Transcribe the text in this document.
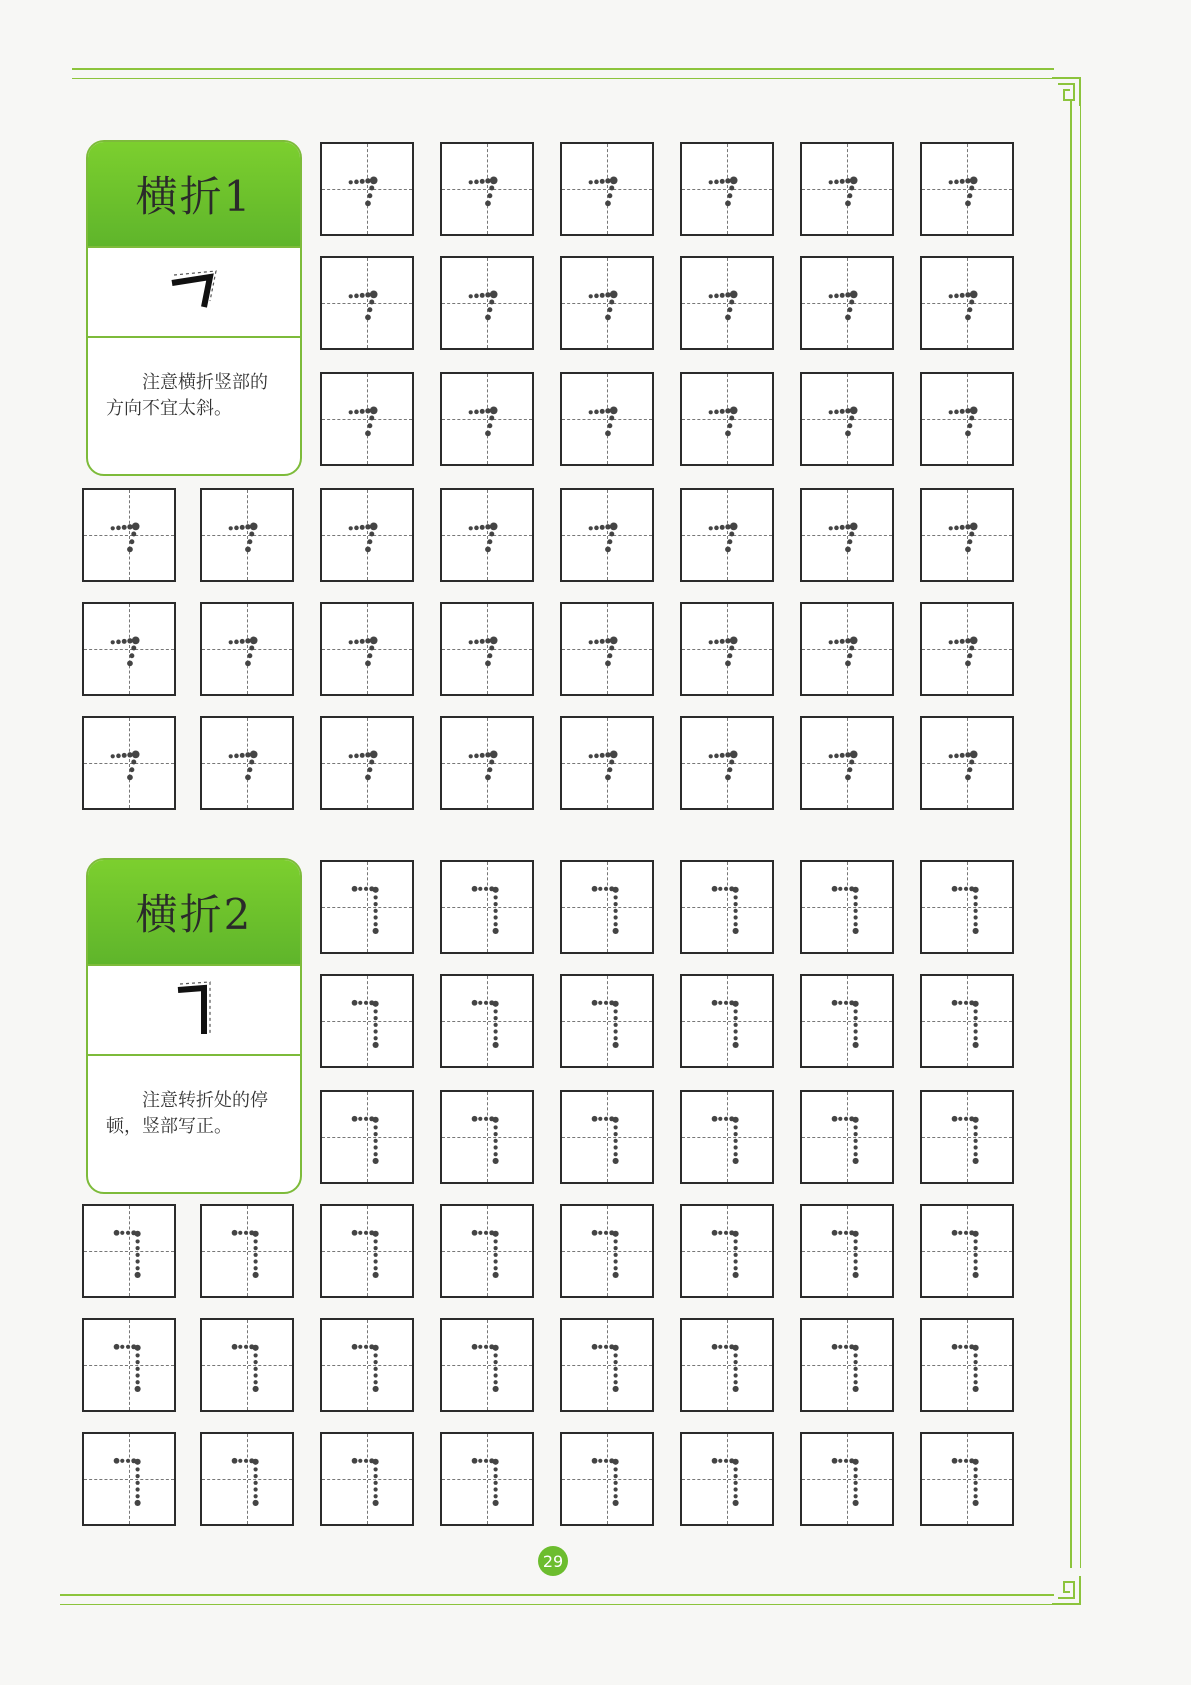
横折1
注意横折竖部的方向不宜太斜。
横折2
注意转折处的停顿，竖部写正。
29
